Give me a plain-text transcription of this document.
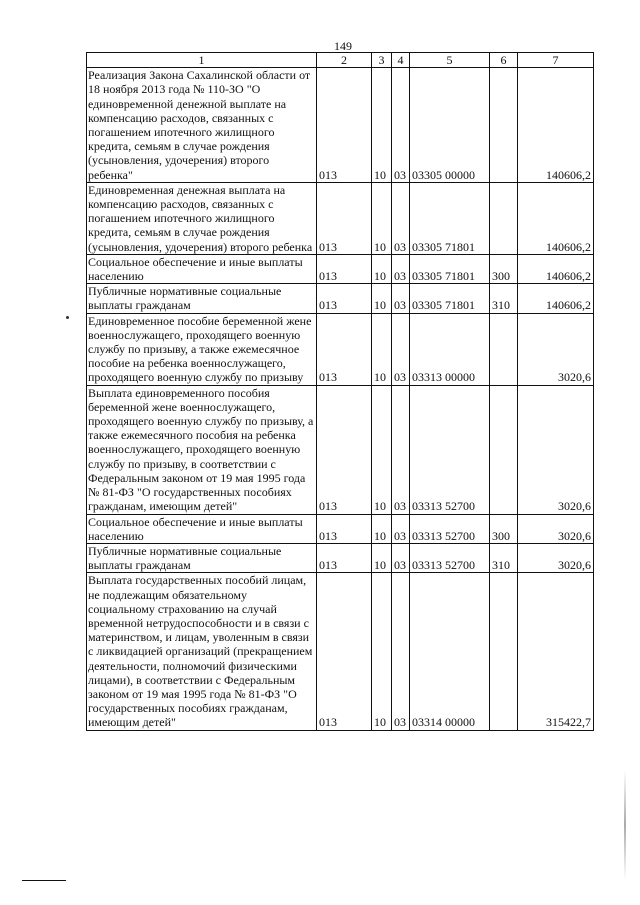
149
1	2	3	4	5	6	7
Реализация Закона Сахалинской области от 18 ноября 2013 года № 110-ЗО "О единовременной денежной выплате на компенсацию расходов, связанных с погашением ипотечного жилищного кредита, семьям в случае рождения (усыновления, удочерения) второго ребенка"	013	10	03	03305 00000		140606,2
Единовременная денежная выплата на компенсацию расходов, связанных с погашением ипотечного жилищного кредита, семьям в случае рождения (усыновления, удочерения) второго ребенка	013	10	03	03305 71801		140606,2
Социальное обеспечение и иные выплаты населению	013	10	03	03305 71801	300	140606,2
Публичные нормативные социальные выплаты гражданам	013	10	03	03305 71801	310	140606,2
Единовременное пособие беременной жене военнослужащего, проходящего военную службу по призыву, а также ежемесячное пособие на ребенка военнослужащего, проходящего военную службу по призыву	013	10	03	03313 00000		3020,6
Выплата единовременного пособия беременной жене военнослужащего, проходящего военную службу по призыву, а также ежемесячного пособия на ребенка военнослужащего, проходящего военную службу по призыву, в соответствии с Федеральным законом от 19 мая 1995 года № 81-ФЗ "О государственных пособиях гражданам, имеющим детей"	013	10	03	03313 52700		3020,6
Социальное обеспечение и иные выплаты населению	013	10	03	03313 52700	300	3020,6
Публичные нормативные социальные выплаты гражданам	013	10	03	03313 52700	310	3020,6
Выплата государственных пособий лицам, не подлежащим обязательному социальному страхованию на случай временной нетрудоспособности и в связи с материнством, и лицам, уволенным в связи с ликвидацией организаций (прекращением деятельности, полномочий физическими лицами), в соответствии с Федеральным законом от 19 мая 1995 года № 81-ФЗ "О государственных пособиях гражданам, имеющим детей"	013	10	03	03314 00000		315422,7
